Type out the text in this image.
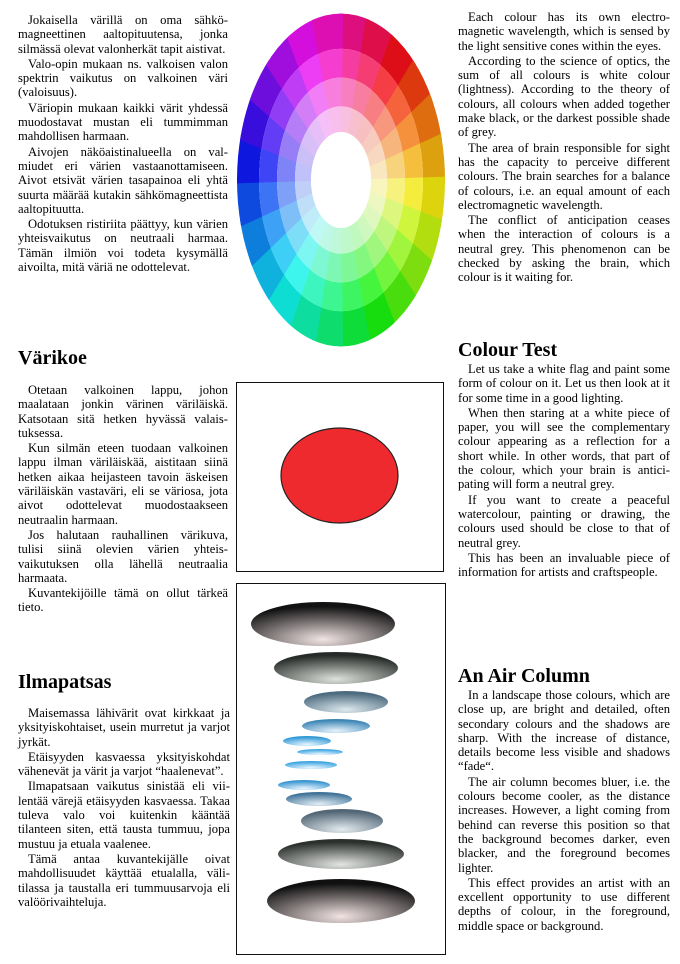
Jokaisella värillä on oma sähkömagneettinen aaltopituutensa, jonka silmässä olevat valonherkät tapit aistivat.

Valo-opin mukaan ns. valkoisen valon spektrin vaikutus on valkoinen väri (valoisuus).

Väriopin mukaan kaikki värit yhdessä muodostavat mustan eli tummimman mahdollisen harmaan.

Aivojen näköaistinalueella on valmiudet eri värien vastaanottamiseen. Aivot etsivät värien tasapainoa eli yhtä suurta määrää kutakin sähkömagneettista aaltopituutta.

Odotuksen ristiriita päättyy, kun värien yhteisvaikutus on neutraali harmaa. Tämän ilmiön voi todeta kysymällä aivoilta, mitä väriä ne odottelevat.

Värikoe

Otetaan valkoinen lappu, johon maalataan jonkin värinen väriläiskä. Katsotaan sitä hetken hyvässä valaistuksessa.

Kun silmän eteen tuodaan valkoinen lappu ilman väriläiskää, aistitaan siinä hetken aikaa heijasteen tavoin äskeisen väriläiskän vastaväri, eli se väriosa, jota aivot odottelevat muodostaakseen neutraalin harmaan.

Jos halutaan rauhallinen värikuva, tulisi siinä olevien värien yhteisvaikutuksen olla lähellä neutraalia harmaata.

Kuvantekijöille tämä on ollut tärkeä tieto.

Ilmapatsas

Maisemassa lähivärit ovat kirkkaat ja yksityiskohtaiset, usein murretut ja varjot jyrkät.

Etäisyyden kasvaessa yksityiskohdat vähenevät ja värit ja varjot “haalenevat”.

Ilmapatsaan vaikutus sinistää eli viilentää värejä etäisyyden kasvaessa. Takaa tuleva valo voi kuitenkin kääntää tilanteen siten, että tausta tummuu, jopa mustuu ja etuala vaalenee.

Tämä antaa kuvantekijälle oivat mahdollisuudet käyttää etualalla, välitilassa ja taustalla eri tummuusarvoja eli valöörivaihteluja.

Each colour has its own electromagnetic wavelength, which is sensed by the light sensitive cones within the eyes.

According to the science of optics, the sum of all colours is white colour (lightness). According to the theory of colours, all colours when added together make black, or the darkest possible shade of grey.

The area of brain responsible for sight has the capacity to perceive different colours. The brain searches for a balance of colours, i.e. an equal amount of each electromagnetic wavelength.

The conflict of anticipation ceases when the interaction of colours is a neutral grey. This phenomenon can be checked by asking the brain, which colour is it waiting for.

Colour Test

Let us take a white flag and paint some form of colour on it. Let us then look at it for some time in a good lighting.

When then staring at a white piece of paper, you will see the complementary colour appearing as a reflection for a short while. In other words, that part of the colour, which your brain is anticipating will form a neutral grey.

If you want to create a peaceful watercolour, painting or drawing, the colours used should be close to that of neutral grey.

This has been an invaluable piece of information for artists and craftspeople.

An Air Column

In a landscape those colours, which are close up, are bright and detailed, often secondary colours and the shadows are sharp. With the increase of distance, details become less visible and shadows “fade“.

The air column becomes bluer, i.e. the colours become cooler, as the distance increases. However, a light coming from behind can reverse this position so that the background becomes darker, even blacker, and the foreground becomes lighter.

This effect provides an artist with an excellent opportunity to use different depths of colour, in the foreground, middle space or background.
